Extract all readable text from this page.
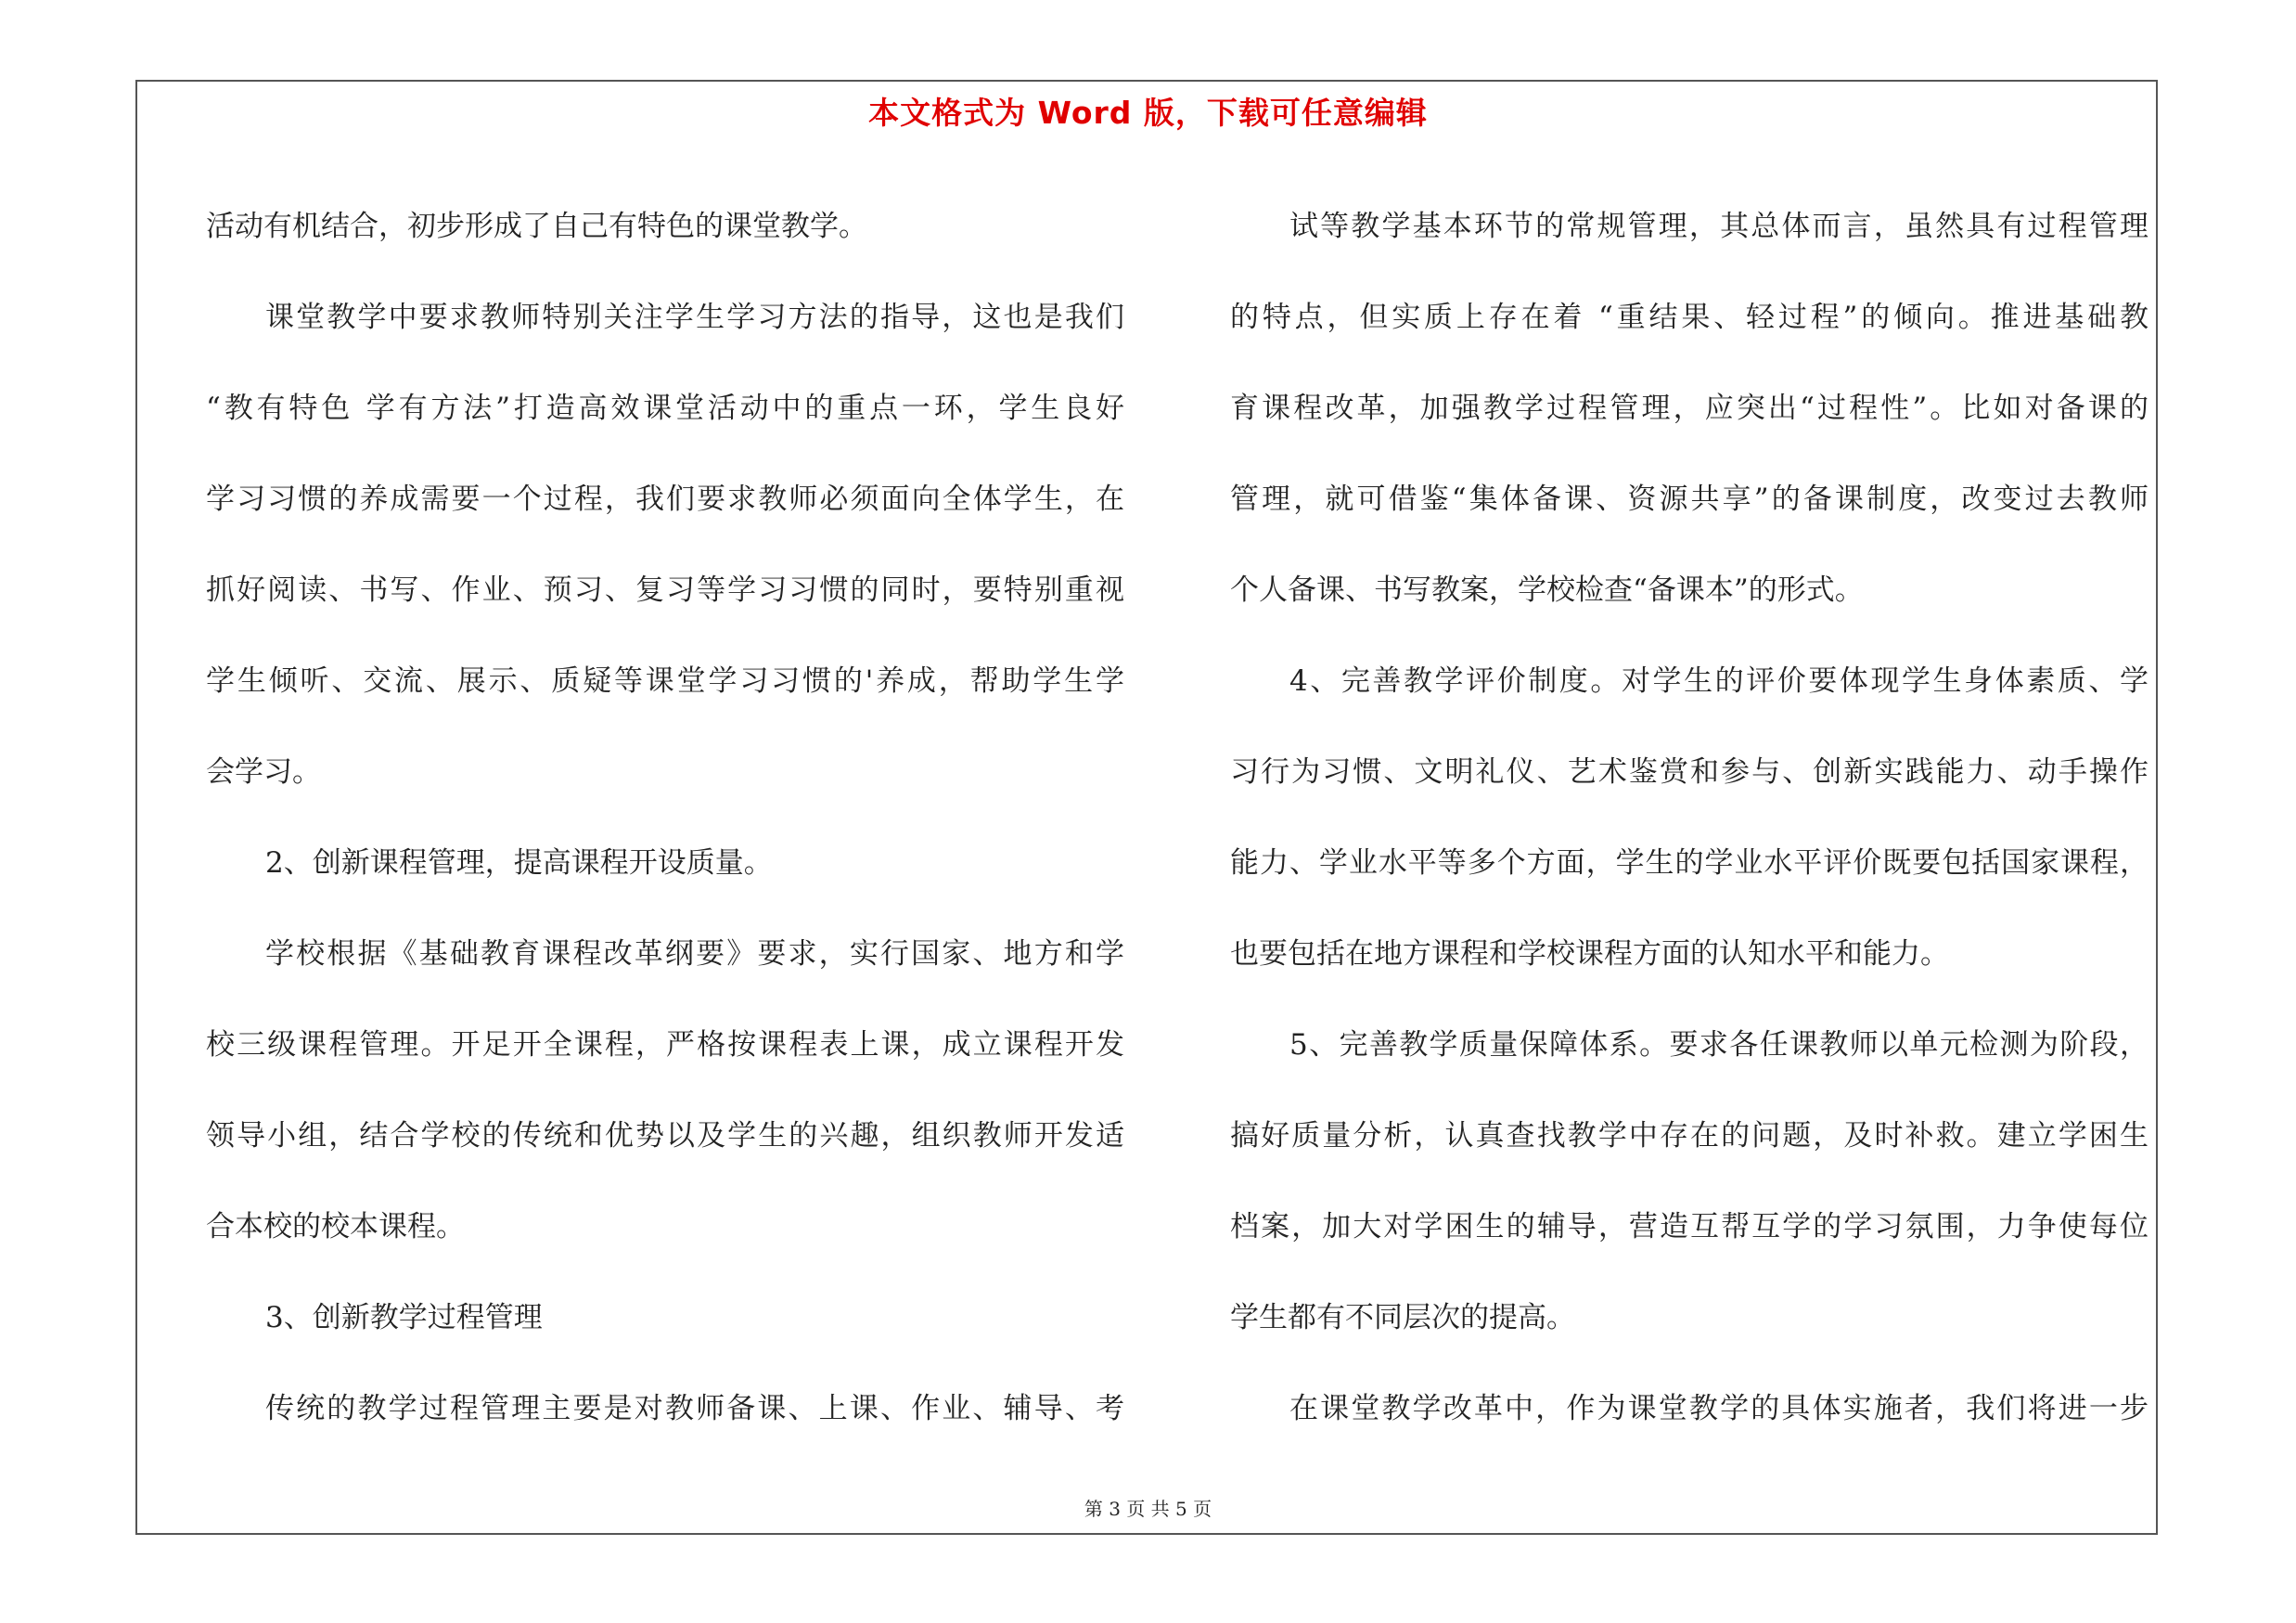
本文格式为 Word 版，下载可任意编辑
活动有机结合，初步形成了自己有特色的课堂教学。
课堂教学中要求教师特别关注学生学习方法的指导，这也是我们
“教有特色 学有方法”打造高效课堂活动中的重点一环，学生良好
学习习惯的养成需要一个过程，我们要求教师必须面向全体学生，在
抓好阅读、书写、作业、预习、复习等学习习惯的同时，要特别重视
学生倾听、交流、展示、质疑等课堂学习习惯的'养成，帮助学生学
会学习。
2、创新课程管理，提高课程开设质量。
学校根据《基础教育课程改革纲要》要求，实行国家、地方和学
校三级课程管理。开足开全课程，严格按课程表上课，成立课程开发
领导小组，结合学校的传统和优势以及学生的兴趣，组织教师开发适
合本校的校本课程。
3、创新教学过程管理
传统的教学过程管理主要是对教师备课、上课、作业、辅导、考
试等教学基本环节的常规管理，其总体而言，虽然具有过程管理
的特点，但实质上存在着 “重结果、轻过程”的倾向。推进基础教
育课程改革，加强教学过程管理，应突出“过程性”。比如对备课的
管理，就可借鉴“集体备课、资源共享”的备课制度，改变过去教师
个人备课、书写教案，学校检查“备课本”的形式。
4、完善教学评价制度。对学生的评价要体现学生身体素质、学
习行为习惯、文明礼仪、艺术鉴赏和参与、创新实践能力、动手操作
能力、学业水平等多个方面，学生的学业水平评价既要包括国家课程，
也要包括在地方课程和学校课程方面的认知水平和能力。
5、完善教学质量保障体系。要求各任课教师以单元检测为阶段，
搞好质量分析，认真查找教学中存在的问题，及时补救。建立学困生
档案，加大对学困生的辅导，营造互帮互学的学习氛围，力争使每位
学生都有不同层次的提高。
在课堂教学改革中，作为课堂教学的具体实施者，我们将进一步
第 3 页 共 5 页
